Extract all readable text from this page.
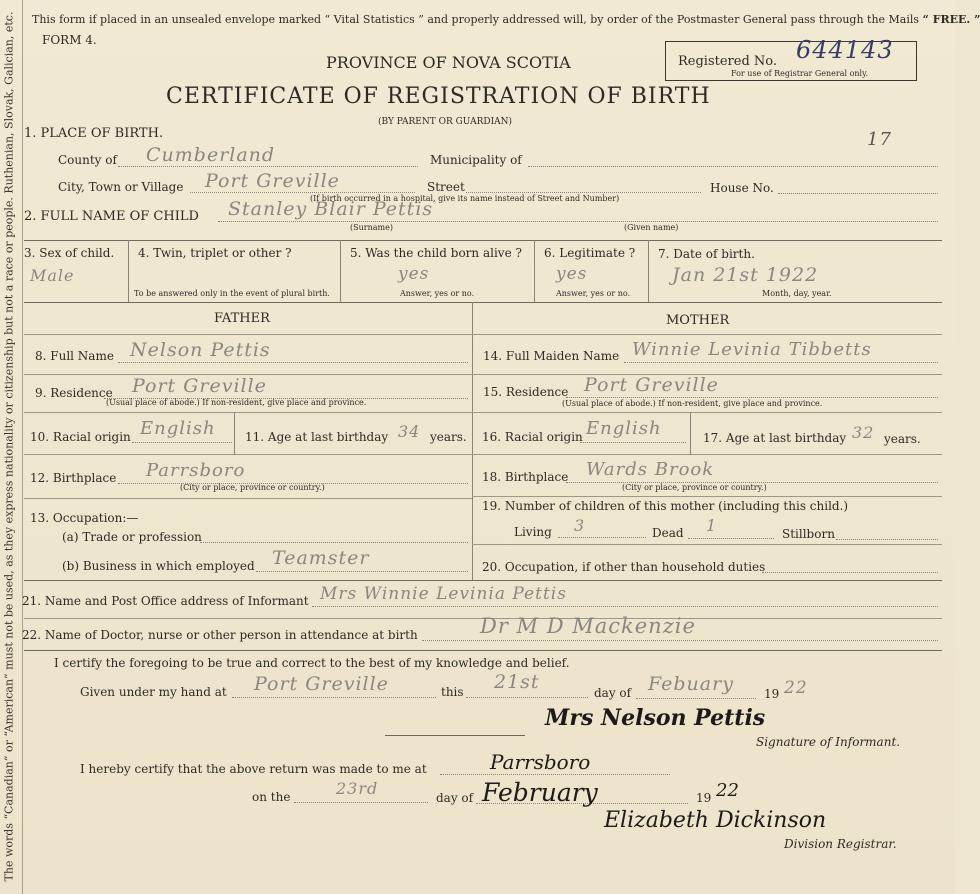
The words “Canadian” or “American” must not be used, as they express nationality or citizenship but not a race or people. Ruthenian, Slovak, Galician, etc. This form if placed in an unsealed envelope marked “ Vital Statistics ” and properly addressed will, by order of the Postmaster General pass through the Mails “ FREE. ”
FORM 4.
PROVINCE OF NOVA SCOTIA	Registered No.
For use of Registrar General only.
644143
CERTIFICATE OF REGISTRATION OF BIRTH
(BY PARENT OR GUARDIAN)
17
1. PLACE OF BIRTH.
County of Cumberland	Municipality of
City, Town or Village Port Greville	Street
(If birth occurred in a hospital, give its name instead of Street and Number)
House No.
2. FULL NAME OF CHILD Stanley Blair Pettis
(Surname)	(Given name)
3. Sex of child.
Male
4. Twin, triplet or other ?
To be answered only in the event of plural birth.
5. Was the child born alive ?
yes
Answer, yes or no.
6. Legitimate ?
yes
Answer, yes or no.
7. Date of birth.
Jan 21st 1922
Month, day, year.
FATHER	MOTHER
8. Full Name Nelson Pettis
9. Residence Port Greville
(Usual place of abode.) If non-resident, give place and province.
10. Racial origin English 11. Age at last birthday 34 years.
12. Birthplace Parrsboro
(City or place, province or country.)
13. Occupation:—
(a) Trade or profession
(b) Business in which employed Teamster
14. Full Maiden Name Winnie Levinia Tibbetts
15. Residence Port Greville
(Usual place of abode.) If non-resident, give place and province.
16. Racial origin English	17. Age at last birthday 32 years.
18. Birthplace Wards Brook
(City or place, province or country.)
19. Number of children of this mother (including this child.)
Living 3	Dead 1	Stillborn
20. Occupation, if other than household duties
21. Name and Post Office address of Informant Mrs Winnie Levinia Pettis
22. Name of Doctor, nurse or other person in attendance at birth	Dr M D Mackenzie
I certify the foregoing to be true and correct to the best of my knowledge and belief.
Given under my hand at Port Greville	this 21st	day of Febuary	19 22
Mrs Nelson Pettis
Signature of Informant.
I hereby certify that the above return was made to me at	Parrsboro
on the	23rd	day of February	19 22
Elizabeth Dickinson
Division Registrar.
